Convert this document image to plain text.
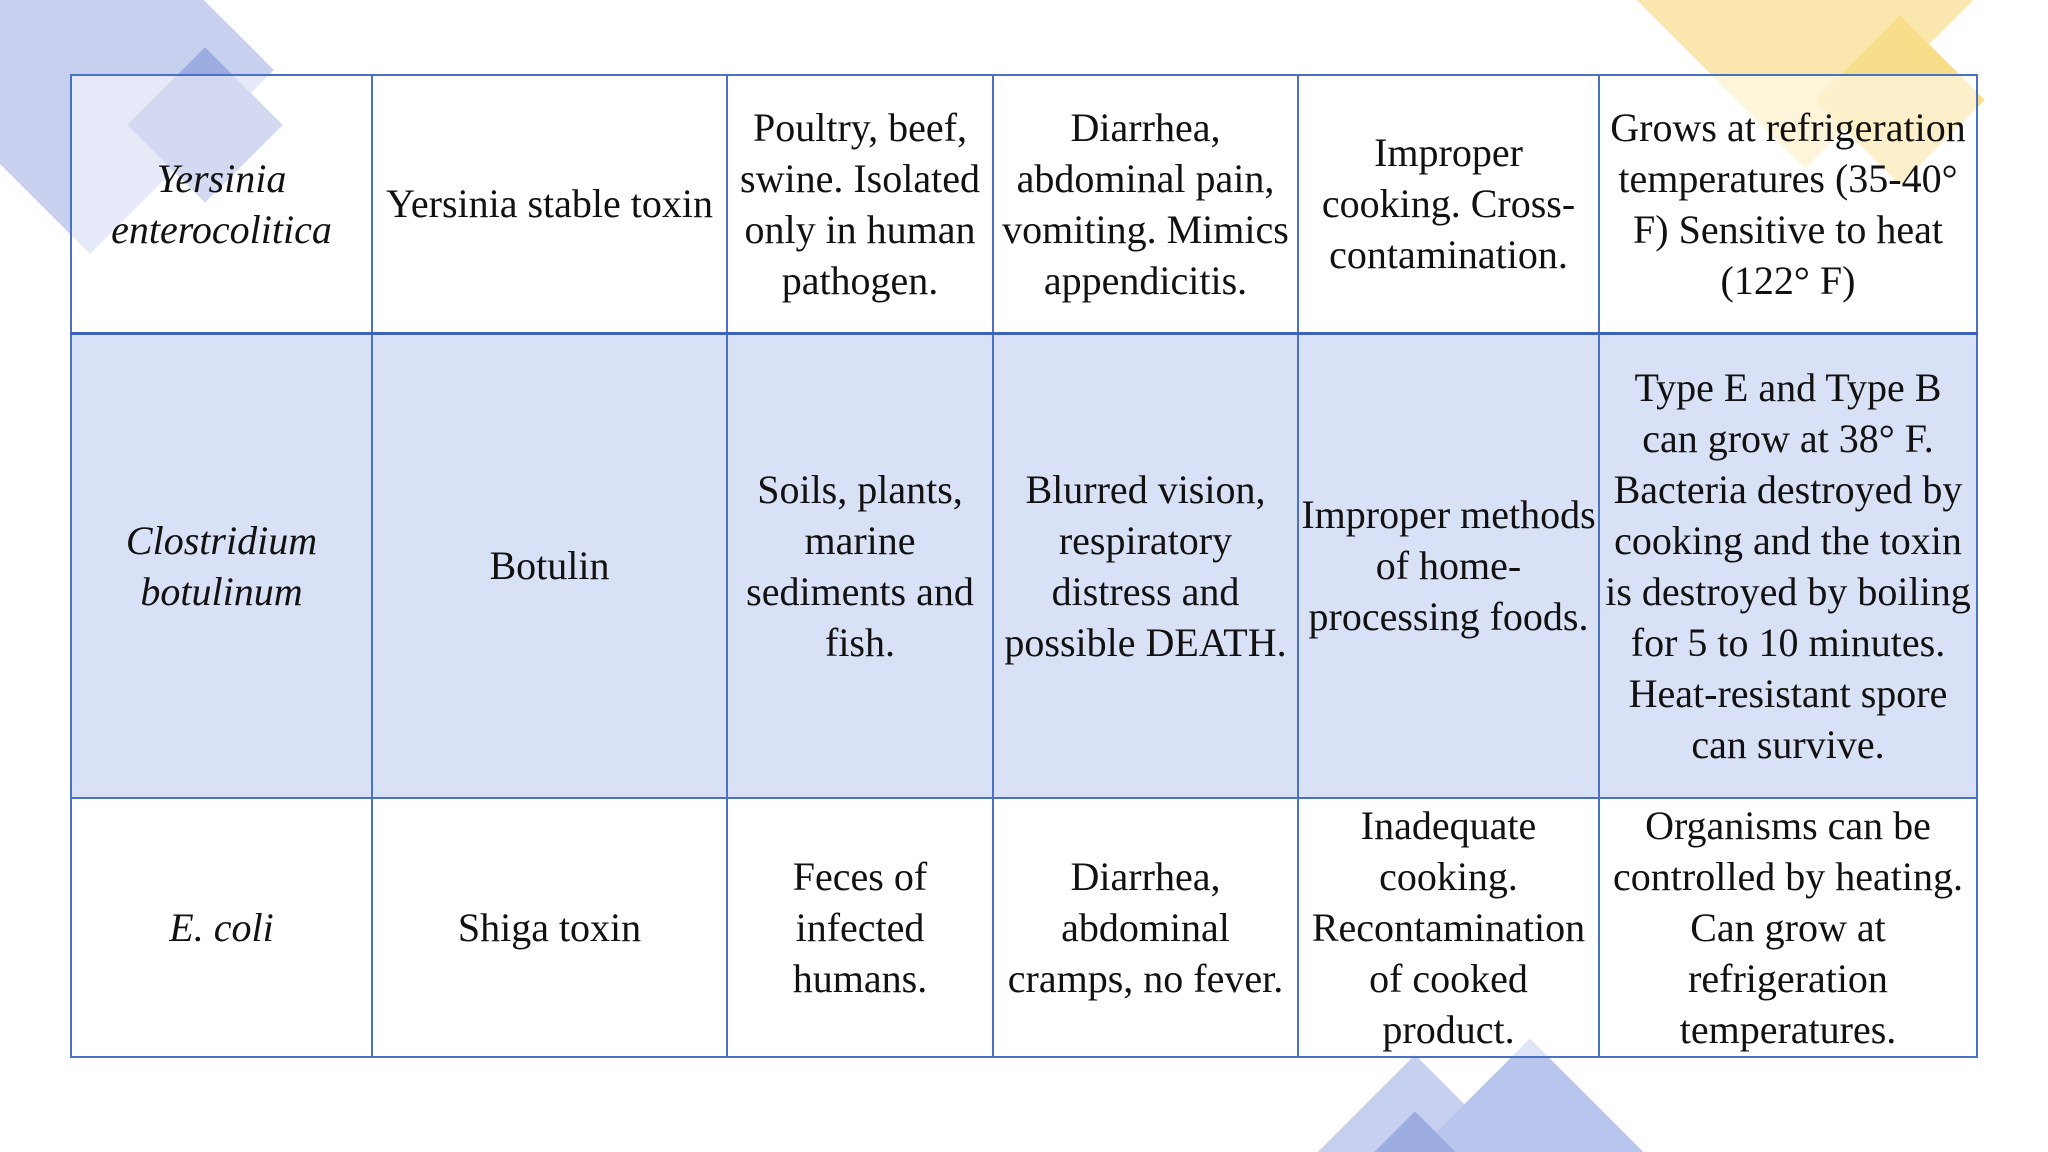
Yersinia enterocolitica	Yersinia stable toxin	Poultry, beef, swine. Isolated only in human pathogen.	Diarrhea, abdominal pain, vomiting. Mimics appendicitis.	Improper cooking. Cross-contamination.	Grows at refrigeration temperatures (35-40° F) Sensitive to heat (122° F)
Clostridium botulinum	Botulin	Soils, plants, marine sediments and fish.	Blurred vision, respiratory distress and possible DEATH.	Improper methods of home-processing foods.	Type E and Type B can grow at 38° F. Bacteria destroyed by cooking and the toxin is destroyed by boiling for 5 to 10 minutes. Heat-resistant spore can survive.
E. coli	Shiga toxin	Feces of infected humans.	Diarrhea, abdominal cramps, no fever.	Inadequate cooking. Recontamination of cooked product.	Organisms can be controlled by heating. Can grow at refrigeration temperatures.
